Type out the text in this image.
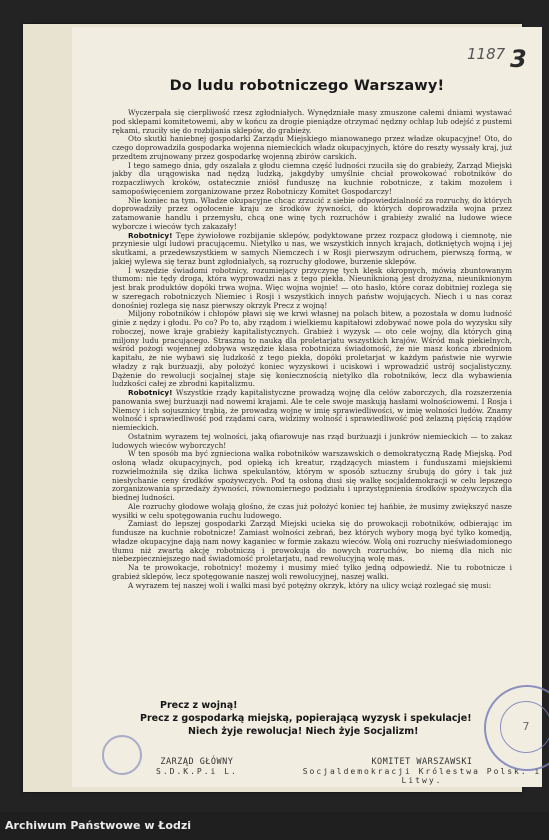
1187 3
Do ludu robotniczego Warszawy!

Wyczerpała się cierpliwość rzesz zgłodniałych. Wynędzniałe masy zmuszone całemi dniami wystawać pod sklepami komitetowemi, aby w końcu za drogie pieniądze otrzymać nędzny ochłap lub odejść z pustemi rękami, rzuciły się do rozbijania sklepów, do grabieży.

Oto skutki haniebnej gospodarki Zarządu Miejskiego mianowanego przez władze okupacyjne! Oto, do czego doprowadziła gospodarka wojenna niemieckich władz okupacyjnych, które do reszty wyssały kraj, już przedtem zrujnowany przez gospodarkę wojenną zbirów carskich.

I tego samego dnia, gdy oszalała z głodu ciemna część ludności rzuciła się do grabieży, Zarząd Miejski jakby dla urągowiska nad nędzą ludzką, jakgdyby umyślnie chciał prowokować robotników do rozpaczliwych kroków, ostatecznie zniósł funduszę na kuchnie robotnicze, z takim mozołem i samopoświęceniem zorganizowane przez Robotniczy Komitet Gospodarczy!

Nie koniec na tym. Władze okupacyjne chcąc zrzucić z siebie odpowiedzialność za rozruchy, do których doprowadziły przez ogołocenie kraju ze środków żywności, do których doprowadziła wojna przez zatamowanie handlu i przemysłu, chcą one winę tych rozruchów i grabieży zwalić na ludowe wiece wyborcze i wieców tych zakazały!

Robotnicy! Tępe żywiołowe rozbijanie sklepów, podyktowane przez rozpacz głodową i ciemnotę, nie przyniesie ulgi ludowi pracującemu. Nietylko u nas, we wszystkich innych krajach, dotkniętych wojną i jej skutkami, a przedewszystkiem w samych Niemczech i w Rosji pierwszym odruchem, pierwszą formą, w jakiej wylewa się teraz bunt zgłodniałych, są rozruchy głodowe, burzenie sklepów.

I wszędzie świadomi robotnicy, rozumiejący przyczynę tych klęsk okropnych, mówią zbuntowanym tłumom: nie tędy droga, która wyprowadzi nas z tego piekła. Nieuniknioną jest drożyzna, nieuniknionym jest brak produktów dopóki trwa wojna. Więc wojna wojnie! — oto hasło, które coraz dobitniej rozlega się w szeregach robotniczych Niemiec i Rosji i wszystkich innych państw wojujących. Niech i u nas coraz donośniej rozlega się nasz pierwszy okrzyk Precz z wojną!

Miljony robotników i chłopów pławi się we krwi własnej na polach bitew, a pozostała w domu ludność ginie z nędzy i głodu. Po co? Po to, aby rządom i wielkiemu kapitałowi zdobywać nowe pola do wyzysku siły roboczej, nowe kraje grabieży kapitalistycznych. Grabież i wyzysk — oto cele wojny, dla których giną miljony ludu pracującego. Straszną to nauką dla proletarjatu wszystkich krajów. Wśród mąk piekielnych, wśród pożogi wojennej zdobywa wszędzie klasa robotnicza świadomość, że nie masz końca zbrodniom kapitału, że nie wybawi się ludzkość z tego piekła, dopóki proletarjat w każdym państwie nie wyrwie władzy z rąk burżuazji, aby położyć koniec wyzyskowi i uciskowi i wprowadzić ustrój socjalistyczny. Dążenie do rewolucji socjalnej staje się koniecznością nietylko dla robotników, lecz dla wybawienia ludzkości całej ze zbrodni kapitalizmu.

Robotnicy! Wszystkie rządy kapitalistyczne prowadzą wojnę dla celów zaborczych, dla rozszerzenia panowania swej burżuazji nad nowemi krajami. Ale te cele swoje maskują hasłami wolnościowemi. I Rosja i Niemcy i ich sojusznicy trąbią, że prowadzą wojnę w imię sprawiedliwości, w imię wolności ludów. Znamy wolność i sprawiedliwość pod rządami cara, widzimy wolność i sprawiedliwość pod żelazną pięścią rządów niemieckich.

Ostatnim wyrazem tej wolności, jaką ofiarowuje nas rząd burżuazji i junkrów niemieckich — to zakaz ludowych wieców wyborczych!

W ten sposób ma być zgnieciona walka robotników warszawskich o demokratyczną Radę Miejską. Pod osłoną władz okupacyjnych, pod opieką ich kreatur, rządzących miastem i funduszami miejskiemi rozwielmożniła się dzika lichwa spekulantów, którym w sposób sztuczny śrubują do góry i tak już niesłychanie ceny środków spożywczych. Pod tą osłoną dusi się walkę socjaldemokracji w celu lepszego zorganizowania sprzedaży żywności, równomiernego podziału i uprzystępnienia środków spożywczych dla biednej ludności.

Ale rozruchy głodowe wołają głośno, że czas już położyć koniec tej hańbie, że musimy zwiększyć nasze wysiłki w celu spotęgowania ruchu ludowego.

Zamiast do lepszej gospodarki Zarząd Miejski ucieka się do prowokacji robotników, odbierając im fundusze na kuchnie robotnicze! Zamiast wolności zebrań, bez których wybory mogą być tylko komedją, władze okupacyjne dają nam nowy kaganiec w formie zakazu wieców. Wolą oni rozruchy nieświadomionego tłumu niż zwartą akcję robotniczą i prowokują do nowych rozruchów, bo niemą dla nich nic niebezpieczniejszego nad świadomość proletarjatu, nad rewolucyjną wolę mas.

Na te prowokacje, robotnicy! możemy i musimy mieć tylko jedną odpowiedź. Nie tu robotnicze i grabież sklepów, lecz spotęgowanie naszej woli rewolucyjnej, naszej walki.

A wyrazem tej naszej woli i walki masi być potężny okrzyk, który na ulicy wciąż rozlegać się musi:

Precz z wojną!
Precz z gospodarką miejską, popierającą wyzysk i spekulacje!
Niech żyje rewolucja! Niech żyje Socjalizm!
ZARZĄD GŁÓWNY
S.D.K.P.i L.
KOMITET WARSZAWSKI
Socjaldemokracji Królestwa Polsk. i Litwy.
7
Archiwum Państwowe w Łodzi
